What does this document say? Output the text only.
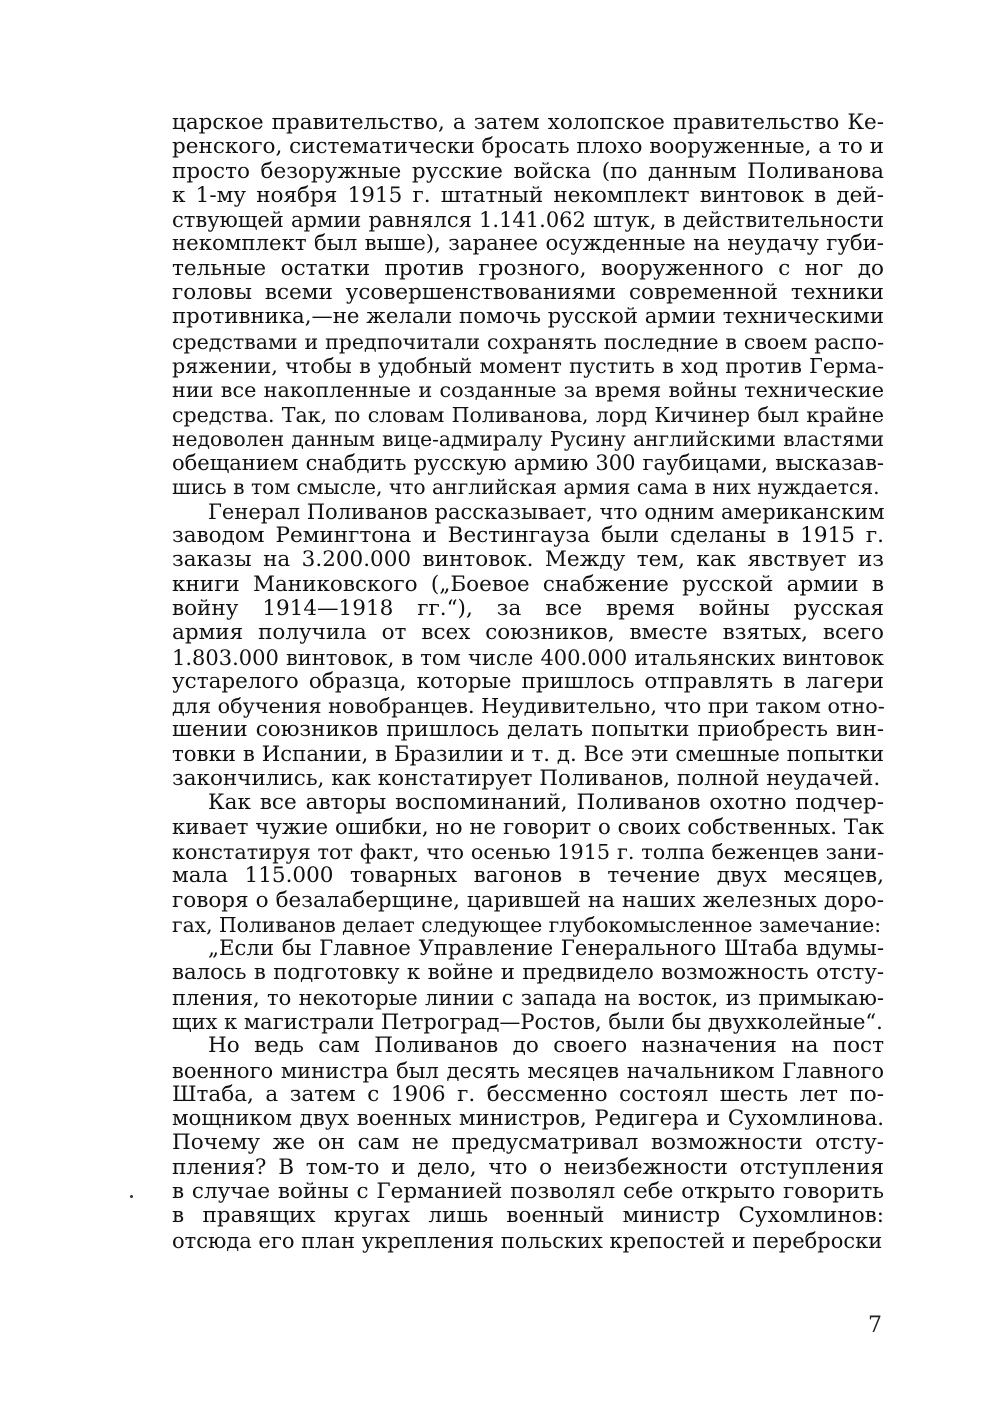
царское правительство, а затем холопское правительство Ке-
ренского, систематически бросать плохо вооруженные, а то и
просто безоружные русские войска (по данным Поливанова
к 1-му ноября 1915 г. штатный некомплект винтовок в дей-
ствующей армии равнялся 1.141.062 штук, в действительности
некомплект был выше), заранее осужденные на неудачу губи-
тельные остатки против грозного, вооруженного с ног до
головы всеми усовершенствованиями современной техники
противника,—не желали помочь русской армии техническими
средствами и предпочитали сохранять последние в своем распо-
ряжении, чтобы в удобный момент пустить в ход против Герма-
нии все накопленные и созданные за время войны технические
средства. Так, по словам Поливанова, лорд Кичинер был крайне
недоволен данным вице-адмиралу Русину английскими властями
обещанием снабдить русскую армию 300 гаубицами, высказав-
шись в том смысле, что английская армия сама в них нуждается.
Генерал Поливанов рассказывает, что одним американским
заводом Ремингтона и Вестингауза были сделаны в 1915 г.
заказы на 3.200.000 винтовок. Между тем, как явствует из
книги Маниковского („Боевое снабжение русской армии в
войну 1914—1918 гг.“), за все время войны русская
армия получила от всех союзников, вместе взятых, всего
1.803.000 винтовок, в том числе 400.000 итальянских винтовок
устарелого образца, которые пришлось отправлять в лагери
для обучения новобранцев. Неудивительно, что при таком отно-
шении союзников пришлось делать попытки приобресть вин-
товки в Испании, в Бразилии и т. д. Все эти смешные попытки
закончились, как констатирует Поливанов, полной неудачей.
Как все авторы воспоминаний, Поливанов охотно подчер-
кивает чужие ошибки, но не говорит о своих собственных. Так
констатируя тот факт, что осенью 1915 г. толпа беженцев зани-
мала 115.000 товарных вагонов в течение двух месяцев,
говоря о безалаберщине, царившей на наших железных доро-
гах, Поливанов делает следующее глубокомысленное замечание:
„Если бы Главное Управление Генерального Штаба вдумы-
валось в подготовку к войне и предвидело возможность отсту-
пления, то некоторые линии с запада на восток, из примыкаю-
щих к магистрали Петроград—Ростов, были бы двухколейные“.
Но ведь сам Поливанов до своего назначения на пост
военного министра был десять месяцев начальником Главного
Штаба, а затем с 1906 г. бессменно состоял шесть лет по-
мощником двух военных министров, Редигера и Сухомлинова.
Почему же он сам не предусматривал возможности отсту-
пления? В том-то и дело, что о неизбежности отступления
в случае войны с Германией позволял себе открыто говорить
в правящих кругах лишь военный министр Сухомлинов:
отсюда его план укрепления польских крепостей и переброски
7
